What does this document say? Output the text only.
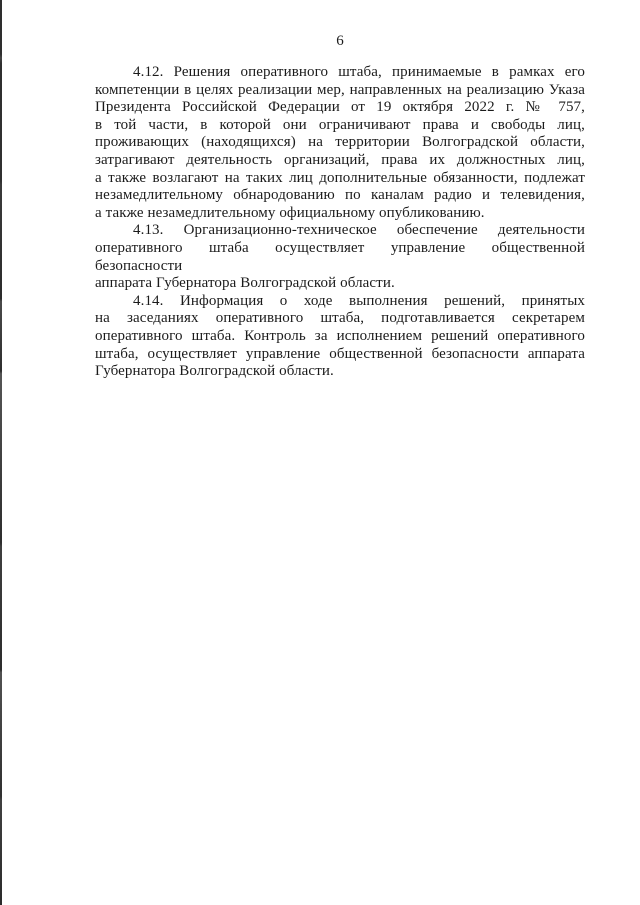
6
4.12. Решения оперативного штаба, принимаемые в рамках его
компетенции в целях реализации мер, направленных на реализацию Указа
Президента Российской Федерации от 19 октября 2022 г. № 757,
в той части, в которой они ограничивают права и свободы лиц,
проживающих (находящихся) на территории Волгоградской области,
затрагивают деятельность организаций, права их должностных лиц,
а также возлагают на таких лиц дополнительные обязанности, подлежат
незамедлительному обнародованию по каналам радио и телевидения,
а также незамедлительному официальному опубликованию.
4.13. Организационно-техническое обеспечение деятельности
оперативного штаба осуществляет управление общественной безопасности
аппарата Губернатора Волгоградской области.
4.14. Информация о ходе выполнения решений, принятых
на заседаниях оперативного штаба, подготавливается секретарем
оперативного штаба. Контроль за исполнением решений оперативного
штаба, осуществляет управление общественной безопасности аппарата
Губернатора Волгоградской области.
